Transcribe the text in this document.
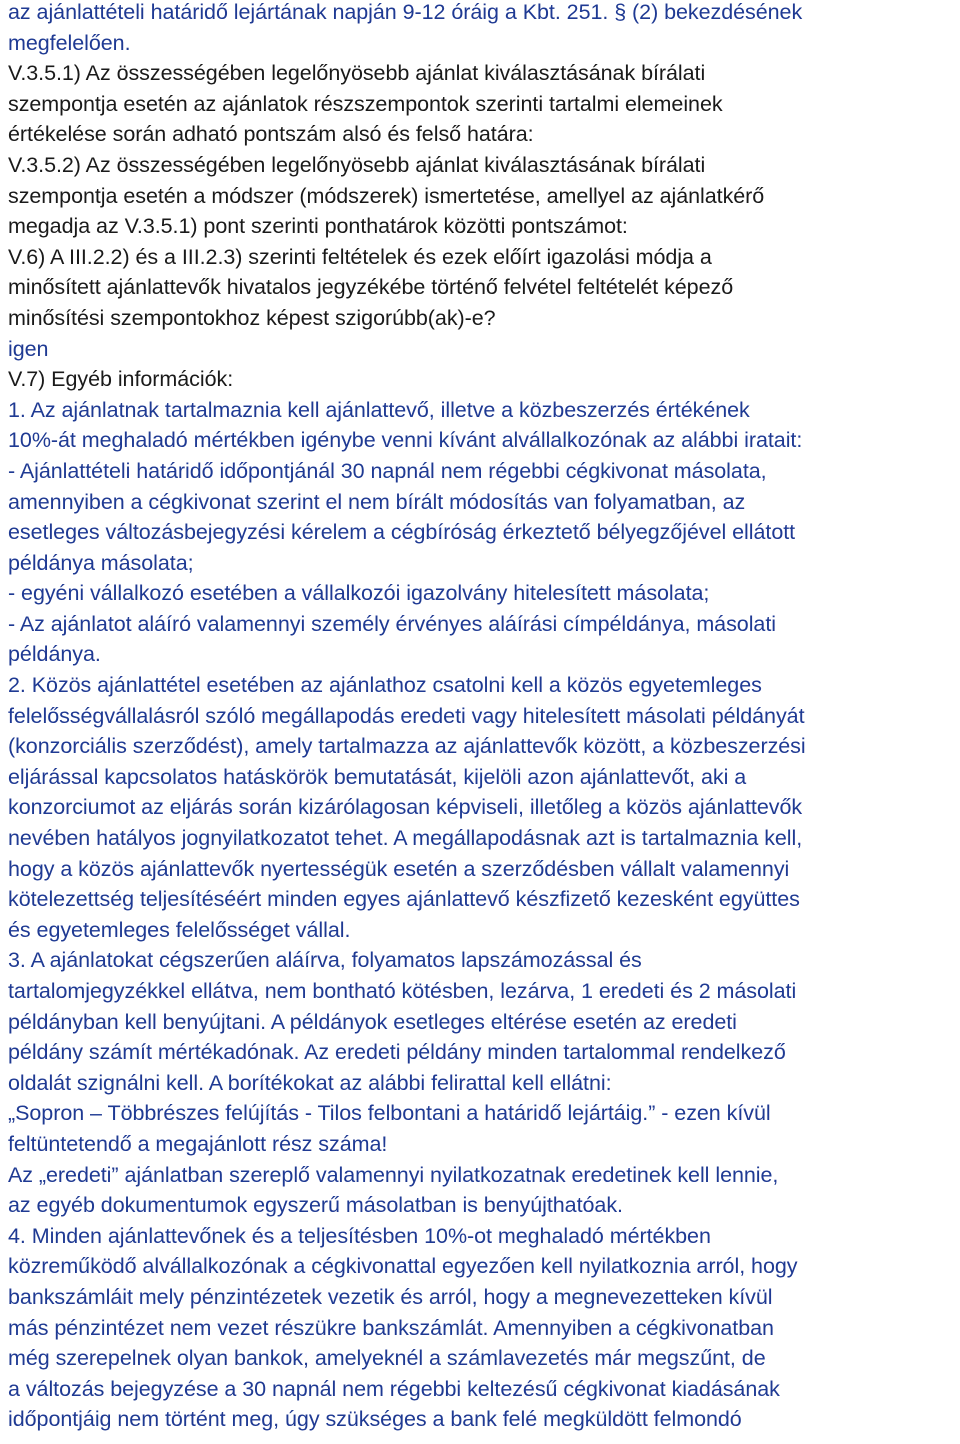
az ajánlattételi határidő lejártának napján 9-12 óráig a Kbt. 251. § (2) bekezdésének
megfelelően.
V.3.5.1) Az összességében legelőnyösebb ajánlat kiválasztásának bírálati
szempontja esetén az ajánlatok részszempontok szerinti tartalmi elemeinek
értékelése során adható pontszám alsó és felső határa:
V.3.5.2) Az összességében legelőnyösebb ajánlat kiválasztásának bírálati
szempontja esetén a módszer (módszerek) ismertetése, amellyel az ajánlatkérő
megadja az V.3.5.1) pont szerinti ponthatárok közötti pontszámot:
V.6) A III.2.2) és a III.2.3) szerinti feltételek és ezek előírt igazolási módja a
minősített ajánlattevők hivatalos jegyzékébe történő felvétel feltételét képező
minősítési szempontokhoz képest szigorúbb(ak)-e?
igen
V.7) Egyéb információk:
1. Az ajánlatnak tartalmaznia kell ajánlattevő, illetve a közbeszerzés értékének
10%-át meghaladó mértékben igénybe venni kívánt alvállalkozónak az alábbi iratait:
- Ajánlattételi határidő időpontjánál 30 napnál nem régebbi cégkivonat másolata,
amennyiben a cégkivonat szerint el nem bírált módosítás van folyamatban, az
esetleges változásbejegyzési kérelem a cégbíróság érkeztető bélyegzőjével ellátott
példánya másolata;
- egyéni vállalkozó esetében a vállalkozói igazolvány hitelesített másolata;
- Az ajánlatot aláíró valamennyi személy érvényes aláírási címpéldánya, másolati
példánya.
2. Közös ajánlattétel esetében az ajánlathoz csatolni kell a közös egyetemleges
felelősségvállalásról szóló megállapodás eredeti vagy hitelesített másolati példányát
(konzorciális szerződést), amely tartalmazza az ajánlattevők között, a közbeszerzési
eljárással kapcsolatos hatáskörök bemutatását, kijelöli azon ajánlattevőt, aki a
konzorciumot az eljárás során kizárólagosan képviseli, illetőleg a közös ajánlattevők
nevében hatályos jognyilatkozatot tehet. A megállapodásnak azt is tartalmaznia kell,
hogy a közös ajánlattevők nyertességük esetén a szerződésben vállalt valamennyi
kötelezettség teljesítéséért minden egyes ajánlattevő készfizető kezesként együttes
és egyetemleges felelősséget vállal.
3. A ajánlatokat cégszerűen aláírva, folyamatos lapszámozással és
tartalomjegyzékkel ellátva, nem bontható kötésben, lezárva, 1 eredeti és 2 másolati
példányban kell benyújtani. A példányok esetleges eltérése esetén az eredeti
példány számít mértékadónak. Az eredeti példány minden tartalommal rendelkező
oldalát szignálni kell. A borítékokat az alábbi felirattal kell ellátni:
„Sopron – Többrészes felújítás - Tilos felbontani a határidő lejártáig.” - ezen kívül
feltüntetendő a megajánlott rész száma!
Az „eredeti” ajánlatban szereplő valamennyi nyilatkozatnak eredetinek kell lennie,
az egyéb dokumentumok egyszerű másolatban is benyújthatóak.
4. Minden ajánlattevőnek és a teljesítésben 10%-ot meghaladó mértékben
közreműködő alvállalkozónak a cégkivonattal egyezően kell nyilatkoznia arról, hogy
bankszámláit mely pénzintézetek vezetik és arról, hogy a megnevezetteken kívül
más pénzintézet nem vezet részükre bankszámlát. Amennyiben a cégkivonatban
még szerepelnek olyan bankok, amelyeknél a számlavezetés már megszűnt, de
a változás bejegyzése a 30 napnál nem régebbi keltezésű cégkivonat kiadásának
időpontjáig nem történt meg, úgy szükséges a bank felé megküldött felmondó
